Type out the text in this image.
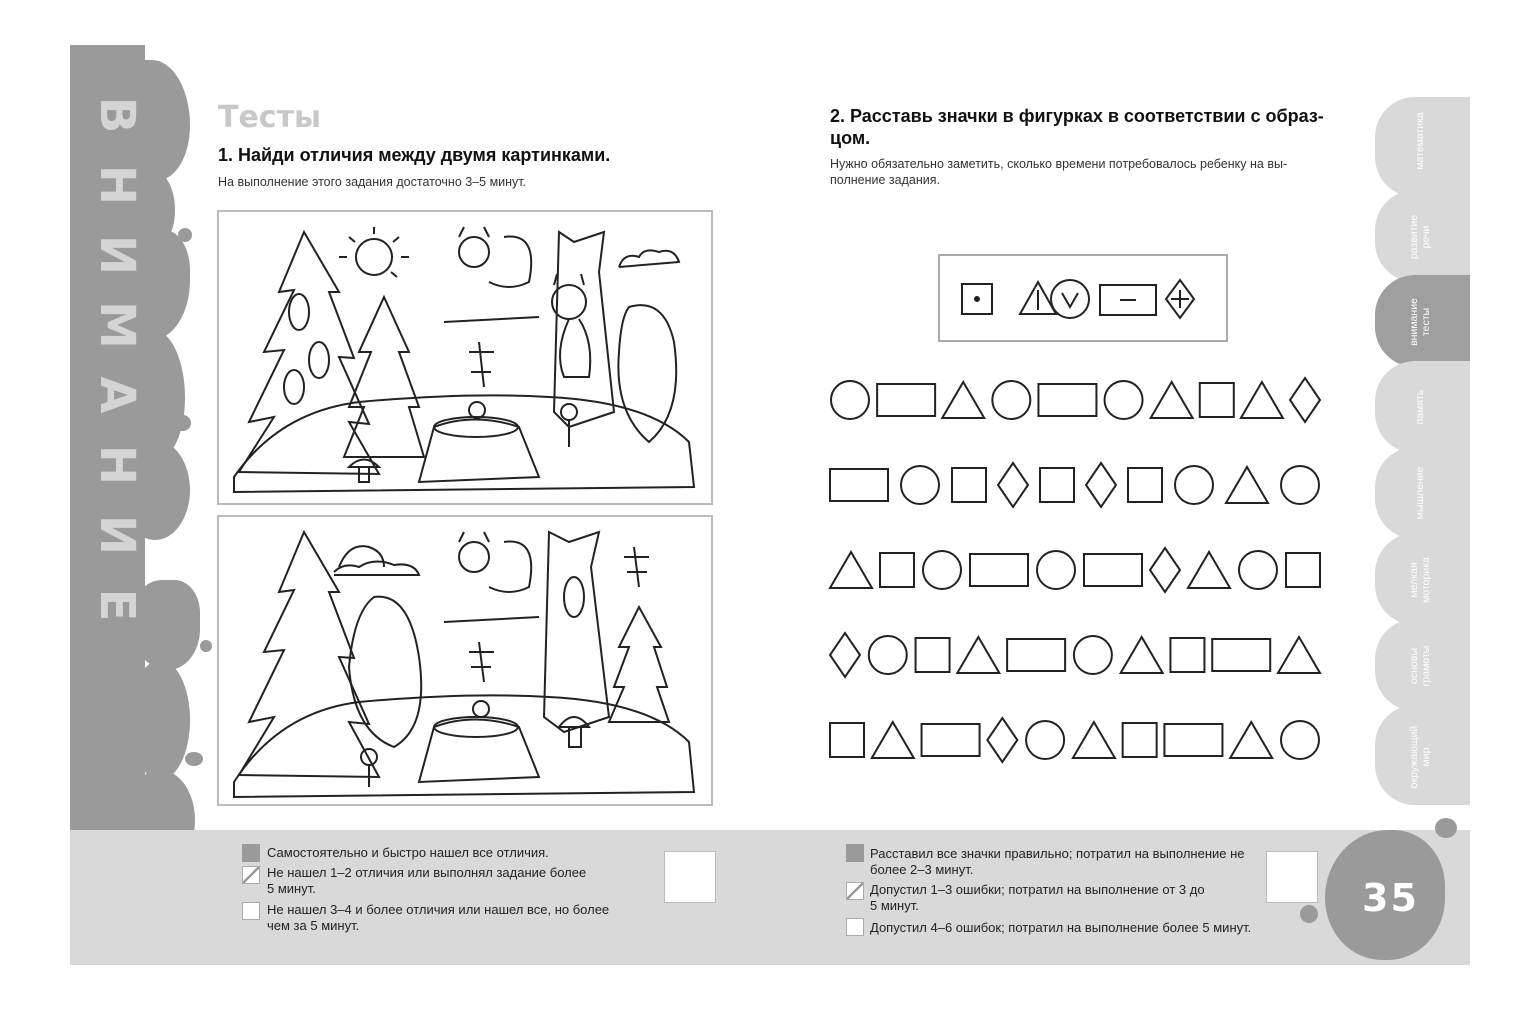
В
Н
И
М
А
Н
И
Е
Тесты
1. Найди отличия между двумя картинками.
На выполнение этого задания достаточно 3–5 минут.
2. Расставь значки в фигурках в соответствии с образ-
цом.
Нужно обязательно заметить, сколько времени потребовалось ребенку на вы-
полнение задания.
Самостоятельно и быстро нашел все отличия.
Не нашел 1–2 отличия или выполнял задание более
5 минут.
Не нашел 3–4 и более отличия или нашел все, но более
чем за 5 минут.
Расставил все значки правильно; потратил на выполнение не
более 2–3 минут.
Допустил 1–3 ошибки; потратил на выполнение от 3 до
5 минут.
Допустил 4–6 ошибок; потратил на выполнение более 5 минут.
математика
развитие речи
внимание тесты
память
мышление
мелкая моторика
основы грамоты
окружающий мир
35
